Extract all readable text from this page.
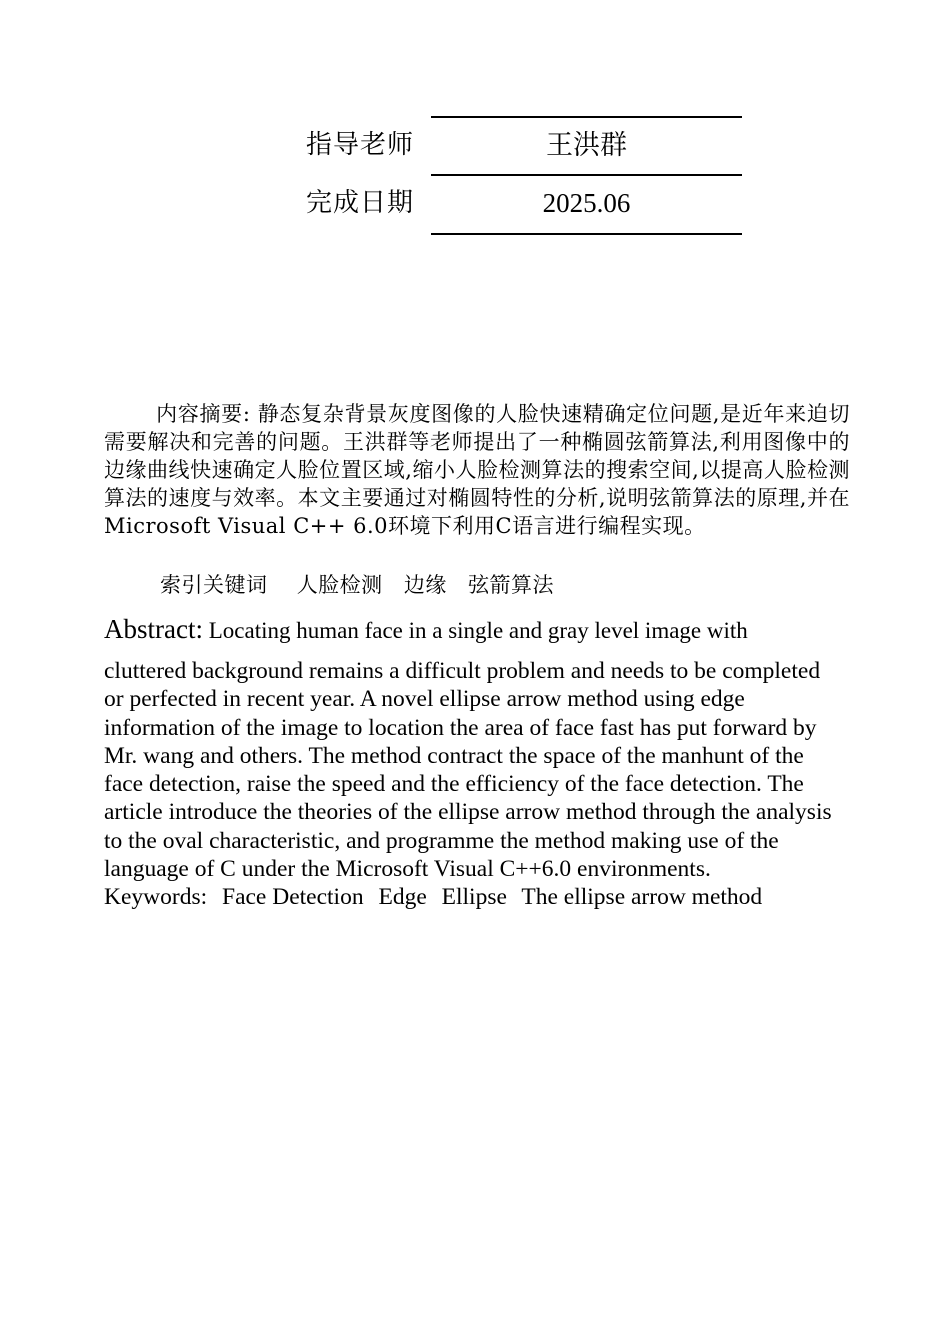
指导老师	王洪群
完成日期	2025.06
内容摘要: 静态复杂背景灰度图像的人脸快速精确定位问题,是近年来迫切需要解决和完善的问题。王洪群等老师提出了一种椭圆弦箭算法,利用图像中的边缘曲线快速确定人脸位置区域,缩小人脸检测算法的搜索空间,以提高人脸检测算法的速度与效率。本文主要通过对椭圆特性的分析,说明弦箭算法的原理,并在Microsoft Visual C++ 6.0环境下利用C语言进行编程实现。
索引关键词 人脸检测 边缘 弦箭算法
Abstract: Locating human face in a single and gray level image with
cluttered background remains a difficult problem and needs to be completed or perfected in recent year. A novel ellipse arrow method using edge information of the image to location the area of face fast has put forward by Mr. wang and others. The method contract the space of the manhunt of the face detection, raise the speed and the efficiency of the face detection. The article introduce the theories of the ellipse arrow method through the analysis to the oval characteristic, and programme the method making use of the language of C under the Microsoft Visual C++6.0 environments.
Keywords: Face Detection Edge Ellipse The ellipse arrow method
